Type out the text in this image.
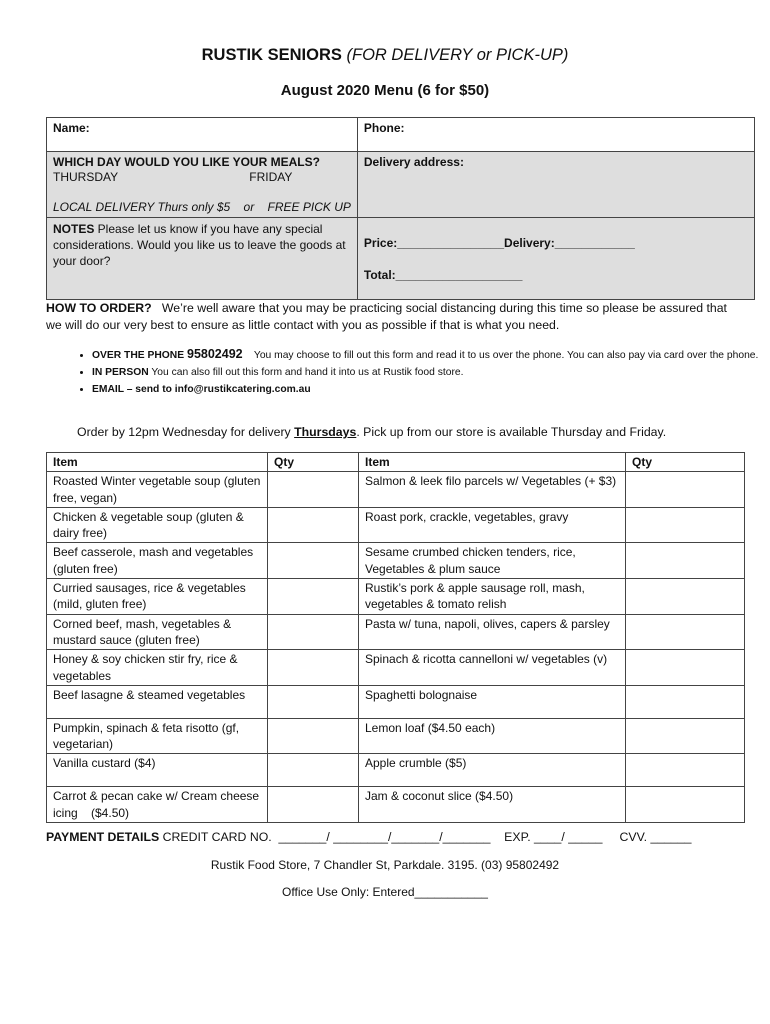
RUSTIK SENIORS (FOR DELIVERY or PICK-UP)
August 2020 Menu (6 for $50)
Name:	Phone:

WHICH DAY WOULD YOU LIKE YOUR MEALS?
THURSDAY FRIDAY
LOCAL DELIVERY Thurs only $5    or    FREE PICK UP	Delivery address:
NOTES Please let us know if you have any special considerations. Would you like us to leave the goods at your door?	Price:________________Delivery:____________
Total:___________________
HOW TO ORDER?   We’re well aware that you may be practicing social distancing during this time so please be assured that we will do our very best to ensure as little contact with you as possible if that is what you need.
• OVER THE PHONE 95802492 You may choose to fill out this form and read it to us over the phone. You can also pay via card over the phone.
• IN PERSON You can also fill out this form and hand it into us at Rustik food store.
• EMAIL – send to info@rustikcatering.com.au
Order by 12pm Wednesday for delivery Thursdays. Pick up from our store is available Thursday and Friday.
Item	Qty	Item	Qty
Roasted Winter vegetable soup (gluten free, vegan)		Salmon & leek filo parcels w/ Vegetables (+ $3)	
Chicken & vegetable soup (gluten & dairy free)		Roast pork, crackle, vegetables, gravy	
Beef casserole, mash and vegetables (gluten free)		Sesame crumbed chicken tenders, rice, Vegetables & plum sauce	
Curried sausages, rice & vegetables (mild, gluten free)		Rustik’s pork & apple sausage roll, mash, vegetables & tomato relish	
Corned beef, mash, vegetables & mustard sauce (gluten free)		Pasta w/ tuna, napoli, olives, capers & parsley	
Honey & soy chicken stir fry, rice & vegetables		Spinach & ricotta cannelloni w/ vegetables (v)	
Beef lasagne & steamed vegetables		Spaghetti bolognaise	
Pumpkin, spinach & feta risotto (gf, vegetarian)		Lemon loaf ($4.50 each)	
Vanilla custard ($4)		Apple crumble ($5)	
Carrot & pecan cake w/ Cream cheese icing    ($4.50)		Jam & coconut slice ($4.50)	
PAYMENT DETAILS CREDIT CARD NO.  _______/ ________/_______/_______    EXP. ____/ _____     CVV. ______
Rustik Food Store, 7 Chandler St, Parkdale. 3195. (03) 95802492
Office Use Only: Entered___________
